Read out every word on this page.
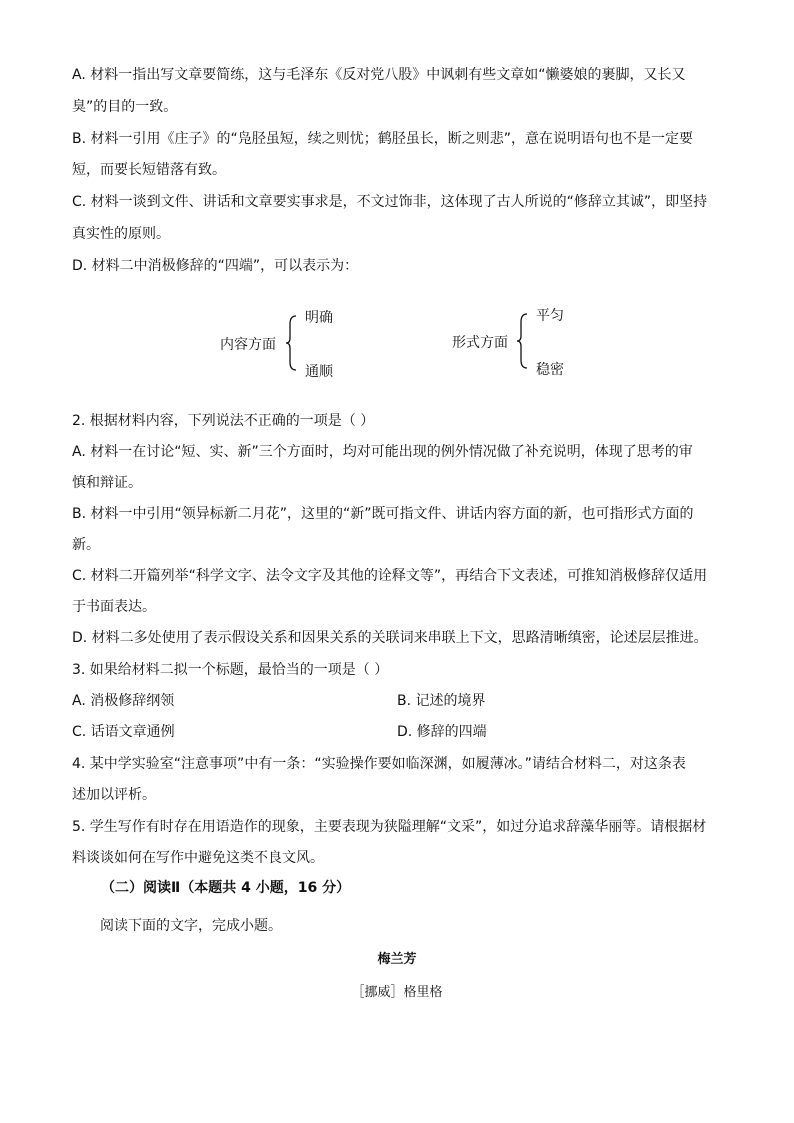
A. 材料一指出写文章要简练，这与毛泽东《反对党八股》中讽刺有些文章如“懒婆娘的裹脚，又长又
臭”的目的一致。
B. 材料一引用《庄子》的“凫胫虽短，续之则忧；鹤胫虽长，断之则悲”，意在说明语句也不是一定要
短，而要长短错落有致。
C. 材料一谈到文件、讲话和文章要实事求是，不文过饰非，这体现了古人所说的“修辞立其诚”，即坚持
真实性的原则。
D. 材料二中消极修辞的“四端”，可以表示为：
内容方面
明确
通顺
形式方面
平匀
稳密
2. 根据材料内容，下列说法不正确的一项是（ ）
A. 材料一在讨论“短、实、新”三个方面时，均对可能出现的例外情况做了补充说明，体现了思考的审
慎和辩证。
B. 材料一中引用“领异标新二月花”，这里的“新”既可指文件、讲话内容方面的新，也可指形式方面的
新。
C. 材料二开篇列举“科学文字、法令文字及其他的诠释文等”，再结合下文表述，可推知消极修辞仅适用
于书面表达。
D. 材料二多处使用了表示假设关系和因果关系的关联词来串联上下文，思路清晰缜密，论述层层推进。
3. 如果给材料二拟一个标题，最恰当的一项是（ ）
A. 消极修辞纲领	B. 记述的境界
C. 话语文章通例	D. 修辞的四端
4. 某中学实验室“注意事项”中有一条：“实验操作要如临深渊，如履薄冰。”请结合材料二，对这条表
述加以评析。
5. 学生写作有时存在用语造作的现象，主要表现为狭隘理解“文采”，如过分追求辞藻华丽等。请根据材
料谈谈如何在写作中避免这类不良文风。
（二）阅读Ⅱ（本题共 4 小题，16 分）
阅读下面的文字，完成小题。
梅兰芳
［挪威］格里格
